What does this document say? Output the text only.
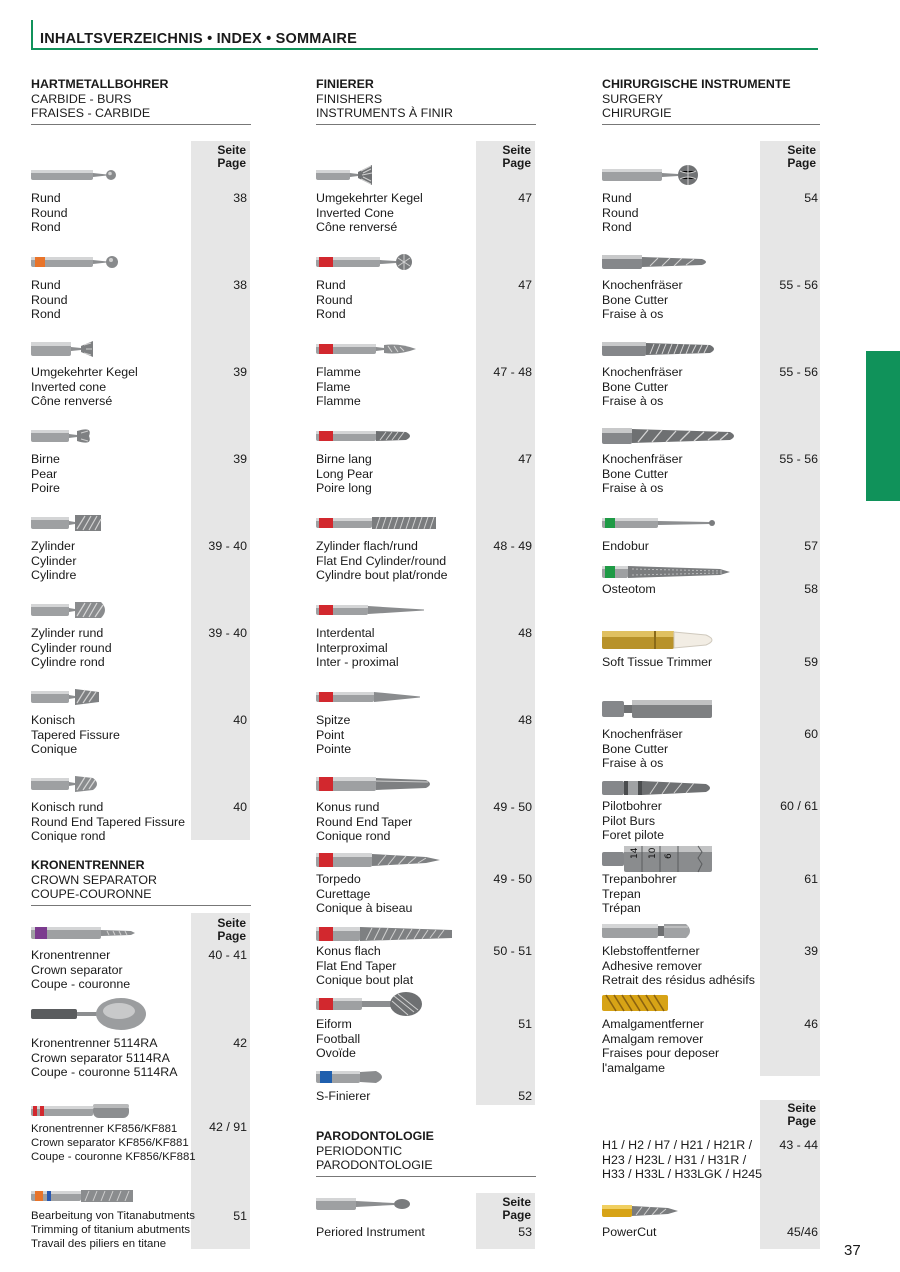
INHALTSVERZEICHNIS • INDEX • SOMMAIRE
37
HARTMETALLBOHRER
CARBIDE - BURS
FRAISES - CARBIDE
Seite
Page
Rund
Round
Rond
38
Rund
Round
Rond
38
Umgekehrter Kegel
Inverted cone
Cône renversé
39
Birne
Pear
Poire
39
Zylinder
Cylinder
Cylindre
39 - 40
Zylinder rund
Cylinder round
Cylindre rond
39 - 40
Konisch
Tapered Fissure
Conique
40
Konisch rund
Round End Tapered Fissure
Conique rond
40
KRONENTRENNER
CROWN SEPARATOR
COUPE-COURONNE
Seite
Page
Kronentrenner
Crown separator
Coupe - couronne
40 - 41
Kronentrenner 5114RA
Crown separator 5114RA
Coupe - couronne 5114RA
42
Kronentrenner KF856/KF881
Crown separator KF856/KF881
Coupe - couronne KF856/KF881
42 / 91
Bearbeitung von Titanabutments
Trimming of titanium abutments
Travail des piliers en titane
51
FINIERER
FINISHERS
INSTRUMENTS À FINIR
Seite
Page
Umgekehrter Kegel
Inverted Cone
Cône renversé
47
Rund
Round
Rond
47
Flamme
Flame
Flamme
47 - 48
Birne lang
Long Pear
Poire long
47
Zylinder flach/rund
Flat End Cylinder/round
Cylindre bout plat/ronde
48 - 49
Interdental
Interproximal
Inter - proximal
48
Spitze
Point
Pointe
48
Konus rund
Round End Taper
Conique rond
49 - 50
Torpedo
Curettage
Conique à biseau
49 - 50
Konus flach
Flat End Taper
Conique bout plat
50 - 51
Eiform
Football
Ovoïde
51
S-Finierer	52
PARODONTOLOGIE
PERIODONTIC
PARODONTOLOGIE
Seite
Page
Periored Instrument	53
CHIRURGISCHE INSTRUMENTE
SURGERY
CHIRURGIE
Seite
Page
Rund
Round
Rond
54
Knochenfräser
Bone Cutter
Fraise à os
55 - 56
Knochenfräser
Bone Cutter
Fraise à os
55 - 56
Knochenfräser
Bone Cutter
Fraise à os
55 - 56
Endobur	57
Osteotom	58
Soft Tissue Trimmer	59
Knochenfräser
Bone Cutter
Fraise à os
60
Pilotbohrer
Pilot Burs
Foret pilote
60 / 61
14 10 6
Trepanbohrer
Trepan
Trépan
61
Klebstoffentferner
Adhesive remover
Retrait des résidus adhésifs
39
Amalgamentferner
Amalgam remover
Fraises pour deposer
l'amalgame
46
Seite
Page
H1 / H2 / H7 / H21 / H21R /
H23 / H23L / H31 / H31R /
H33 / H33L / H33LGK / H245
43 - 44
PowerCut	45/46
